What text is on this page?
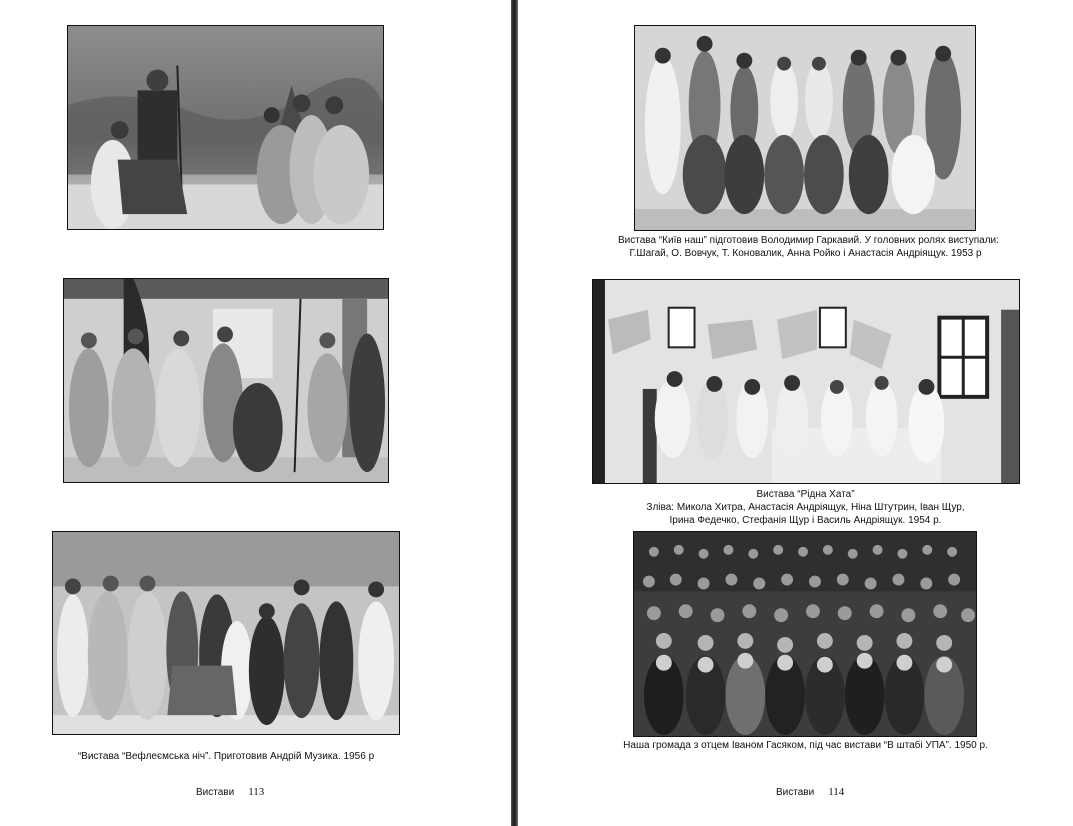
“Вистава “Вефлеємська ніч”. Приготовив Андрій Музика. 1956 р
Вистави 113
Вистава “Київ наш” підготовив Володимир Гаркавий. У головних ролях виступали:
Г.Шагай, О. Вовчук, Т. Коновалик, Анна Ройко і Анастасія Андріящук. 1953 р
Вистава “Рідна Хата”
Зліва: Микола Хитра, Анастасія Андріящук, Ніна Штутрин, Іван Щур,
Ірина Федечко, Стефанія Щур і Василь Андріящук. 1954 р.
Наша громада з отцем Іваном Гасяком, під час вистави “В штабі УПА”. 1950 р.
Вистави 114
